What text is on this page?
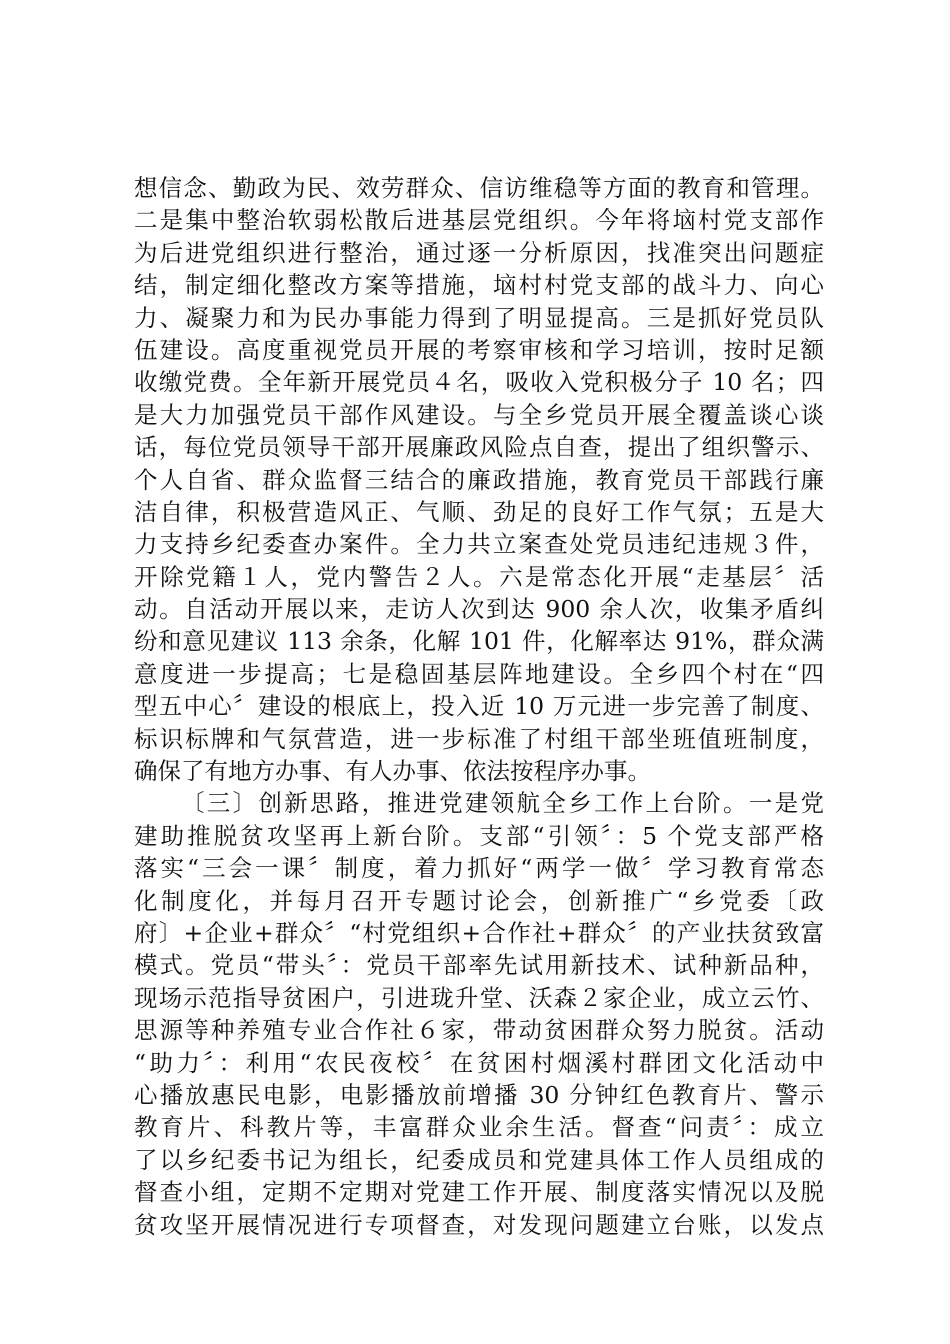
想信念、勤政为民、效劳群众、信访维稳等方面的教育和管理。
二是集中整治软弱松散后进基层党组织。今年将垴村党支部作
为后进党组织进行整治，通过逐一分析原因，找准突出问题症
结，制定细化整改方案等措施，垴村村党支部的战斗力、向心
力、凝聚力和为民办事能力得到了明显提高。三是抓好党员队
伍建设。高度重视党员开展的考察审核和学习培训，按时足额
收缴党费。全年新开展党员４名，吸收入党积极分子 10 名；四
是大力加强党员干部作风建设。与全乡党员开展全覆盖谈心谈
话，每位党员领导干部开展廉政风险点自查，提出了组织警示、
个人自省、群众监督三结合的廉政措施，教育党员干部践行廉
洁自律，积极营造风正、气顺、劲足的良好工作气氛；五是大
力支持乡纪委查办案件。全力共立案查处党员违纪违规３件，
开除党籍１人，党内警告２人。六是常态化开展“走基层〞活
动。自活动开展以来，走访人次到达 900 余人次，收集矛盾纠
纷和意见建议 113 余条，化解 101 件，化解率达 91%，群众满
意度进一步提高；七是稳固基层阵地建设。全乡四个村在“四
型五中心〞建设的根底上，投入近 10 万元进一步完善了制度、
标识标牌和气氛营造，进一步标准了村组干部坐班值班制度，
确保了有地方办事、有人办事、依法按程序办事。
〔三〕创新思路，推进党建领航全乡工作上台阶。一是党
建助推脱贫攻坚再上新台阶。支部“引领〞：5 个党支部严格
落实“三会一课〞制度，着力抓好“两学一做〞学习教育常态
化制度化，并每月召开专题讨论会，创新推广“乡党委〔政
府〕+企业+群众〞“村党组织+合作社+群众〞的产业扶贫致富
模式。党员“带头〞：党员干部率先试用新技术、试种新品种，
现场示范指导贫困户，引进珑升堂、沃森２家企业，成立云竹、
思源等种养殖专业合作社６家，带动贫困群众努力脱贫。活动
“助力〞：利用“农民夜校〞在贫困村烟溪村群团文化活动中
心播放惠民电影，电影播放前增播 30 分钟红色教育片、警示
教育片、科教片等，丰富群众业余生活。督查“问责〞：成立
了以乡纪委书记为组长，纪委成员和党建具体工作人员组成的
督查小组，定期不定期对党建工作开展、制度落实情况以及脱
贫攻坚开展情况进行专项督查，对发现问题建立台账，以发点
